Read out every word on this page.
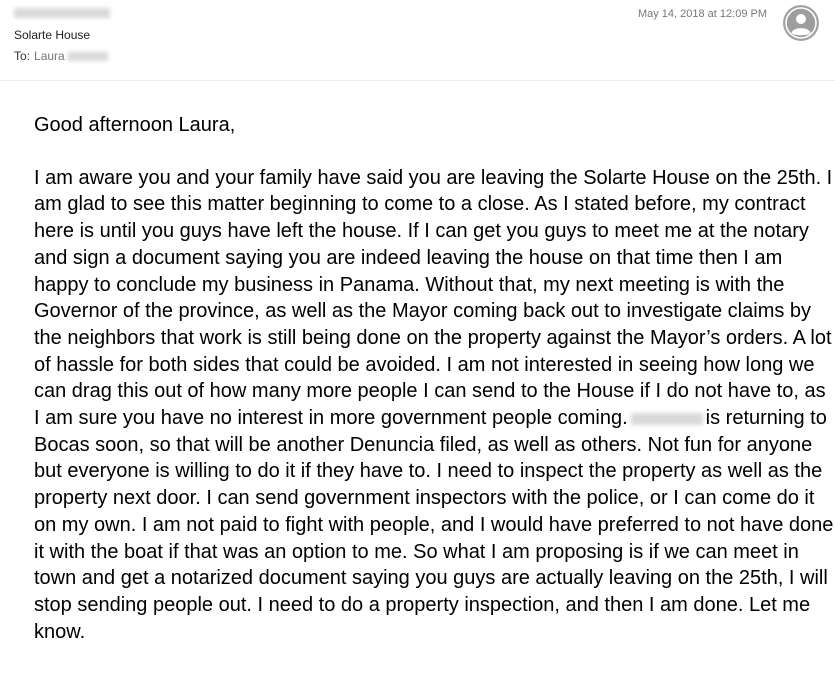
Solarte House
To: Laura
May 14, 2018 at 12:09 PM

Good afternoon Laura,

I am aware you and your family have said you are leaving the Solarte House on the 25th. I am glad to see this matter beginning to come to a close. As I stated before, my contract here is until you guys have left the house. If I can get you guys to meet me at the notary and sign a document saying you are indeed leaving the house on that time then I am happy to conclude my business in Panama. Without that, my next meeting is with the Governor of the province, as well as the Mayor coming back out to investigate claims by the neighbors that work is still being done on the property against the Mayor’s orders. A lot of hassle for both sides that could be avoided. I am not interested in seeing how long we can drag this out of how many more people I can send to the House if I do not have to, as I am sure you have no interest in more government people coming.	is returning to Bocas soon, so that will be another Denuncia filed, as well as others. Not fun for anyone but everyone is willing to do it if they have to. I need to inspect the property as well as the property next door. I can send government inspectors with the police, or I can come do it on my own. I am not paid to fight with people, and I would have preferred to not have done it with the boat if that was an option to me. So what I am proposing is if we can meet in town and get a notarized document saying you guys are actually leaving on the 25th, I will stop sending people out. I need to do a property inspection, and then I am done. Let me know.
